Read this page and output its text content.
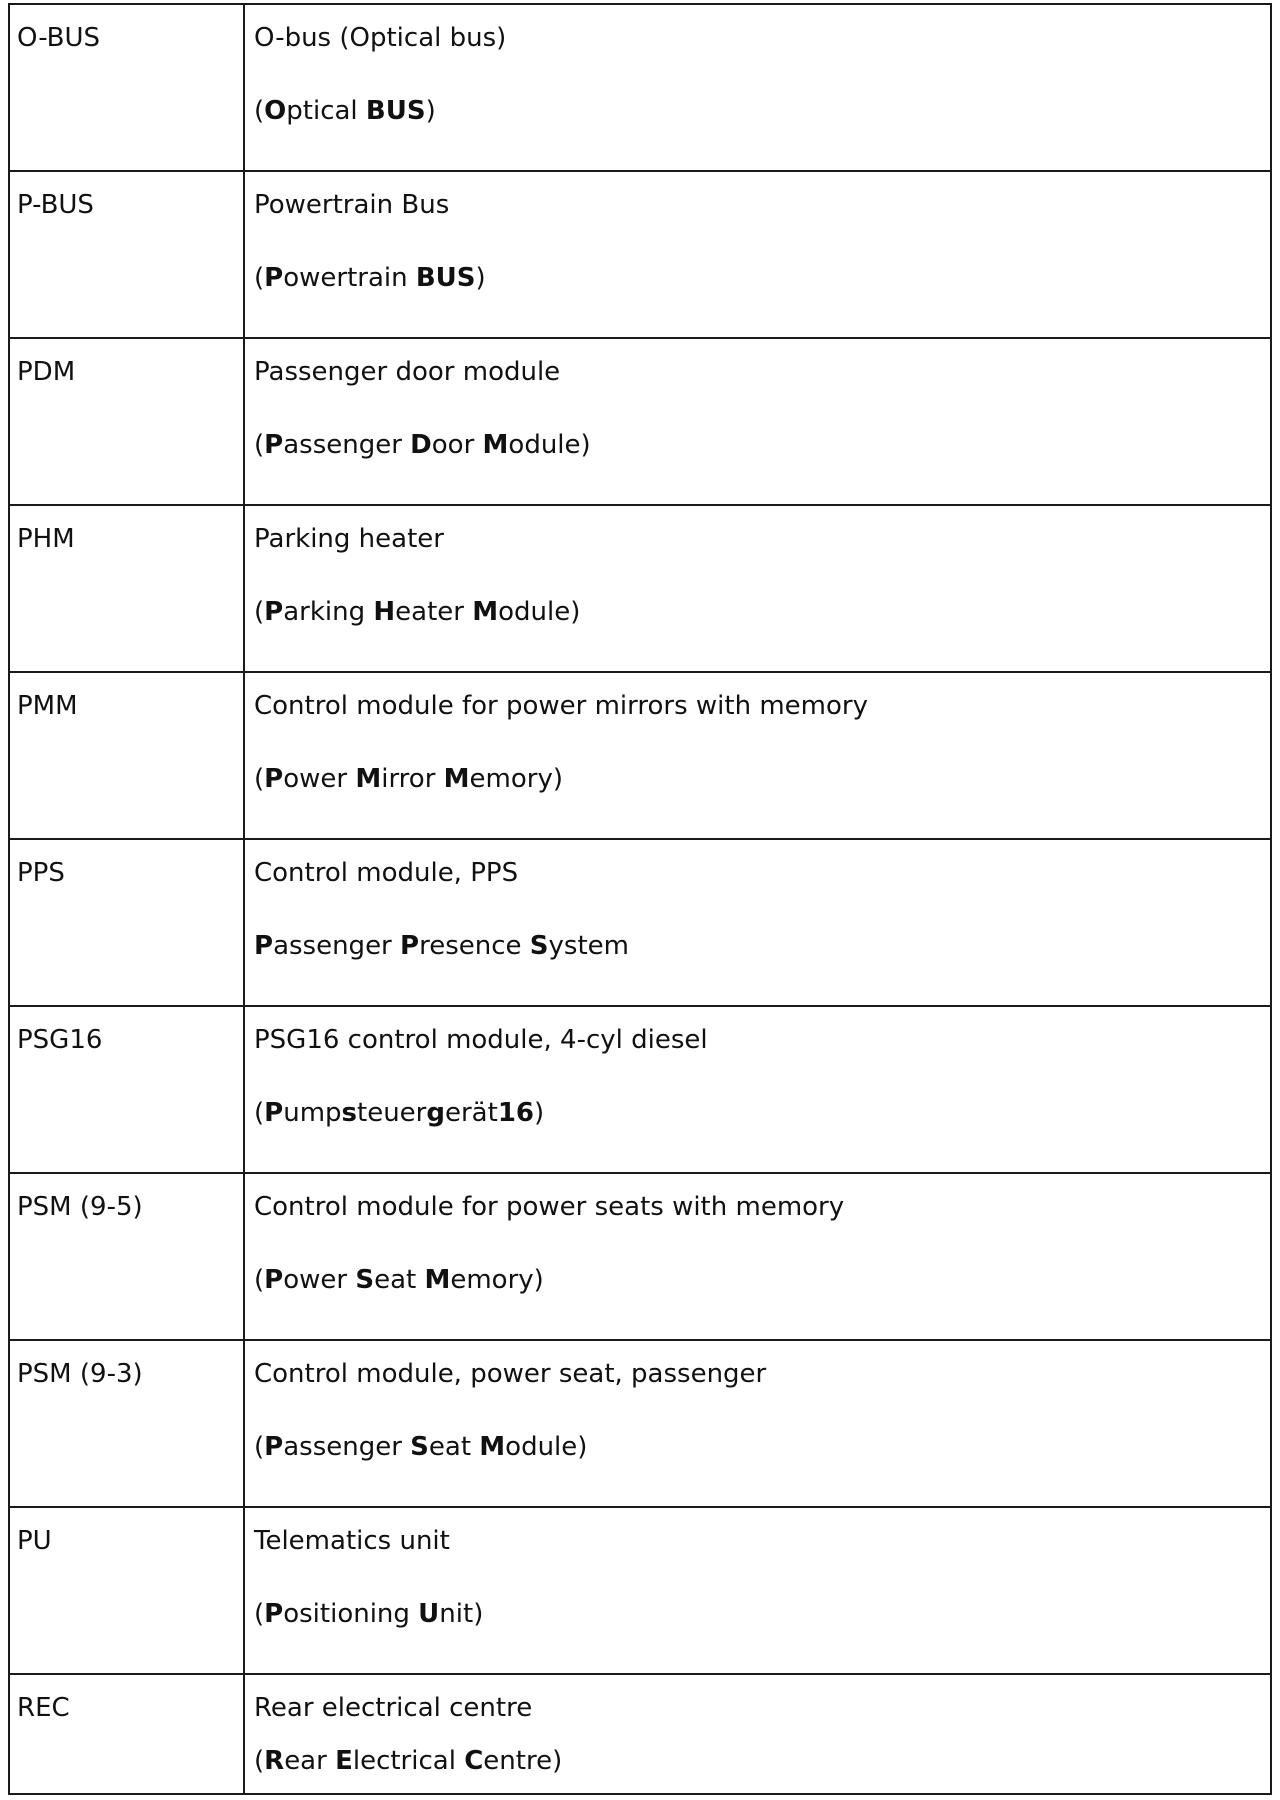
O-BUS	O-bus (Optical bus)
(Optical BUS)

P-BUS	Powertrain Bus
(Powertrain BUS)

PDM	Passenger door module
(Passenger Door Module)

PHM	Parking heater
(Parking Heater Module)

PMM	Control module for power mirrors with memory
(Power Mirror Memory)

PPS	Control module, PPS
Passenger Presence System

PSG16	PSG16 control module, 4-cyl diesel
(Pumpsteuergerät16)

PSM (9-5)	Control module for power seats with memory
(Power Seat Memory)

PSM (9-3)	Control module, power seat, passenger
(Passenger Seat Module)

PU	Telematics unit
(Positioning Unit)

REC	Rear electrical centre
(Rear Electrical Centre)
